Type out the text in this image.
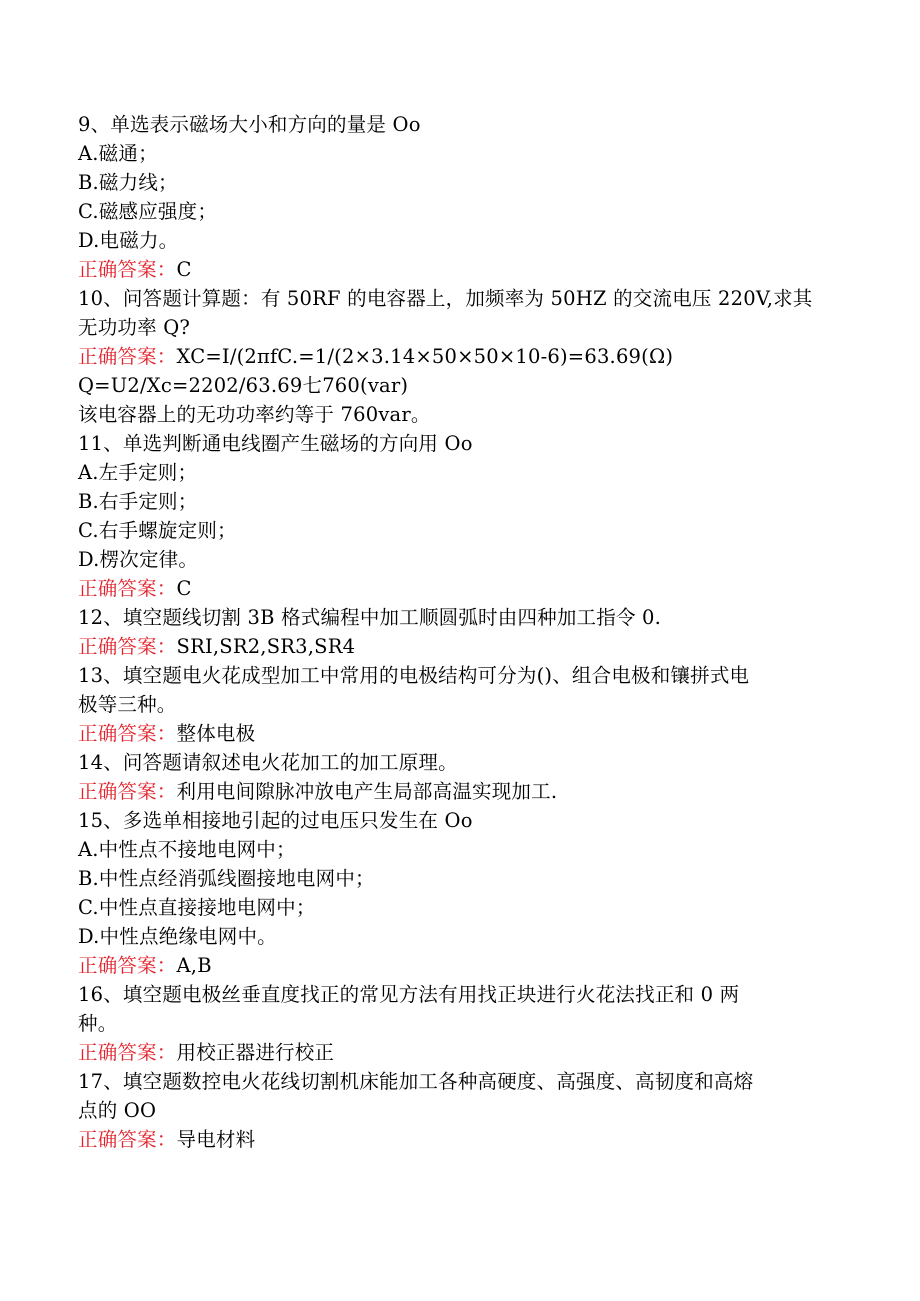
9、单选表示磁场大小和方向的量是 Oo
A.磁通；
B.磁力线；
C.磁感应强度；
D.电磁力。
正确答案：C
10、问答题计算题：有 50RF 的电容器上，加频率为 50HZ 的交流电压 220V,求其
无功功率 Q?
正确答案：XC=I/(2πfC.=1/(2×3.14×50×50×10-6)=63.69(Ω)
Q=U2/Xc=2202/63.69七760(var)
该电容器上的无功功率约等于 760var。
11、单选判断通电线圈产生磁场的方向用 Oo
A.左手定则；
B.右手定则；
C.右手螺旋定则；
D.楞次定律。
正确答案：C
12、填空题线切割 3B 格式编程中加工顺圆弧时由四种加工指令 0.
正确答案：SRI,SR2,SR3,SR4
13、填空题电火花成型加工中常用的电极结构可分为()、组合电极和镶拼式电
极等三种。
正确答案：整体电极
14、问答题请叙述电火花加工的加工原理。
正确答案：利用电间隙脉冲放电产生局部高温实现加工.
15、多选单相接地引起的过电压只发生在 Oo
A.中性点不接地电网中；
B.中性点经消弧线圈接地电网中；
C.中性点直接接地电网中；
D.中性点绝缘电网中。
正确答案：A,B
16、填空题电极丝垂直度找正的常见方法有用找正块进行火花法找正和 0 两
种。
正确答案：用校正器进行校正
17、填空题数控电火花线切割机床能加工各种高硬度、高强度、高韧度和高熔
点的 OO
正确答案：导电材料
